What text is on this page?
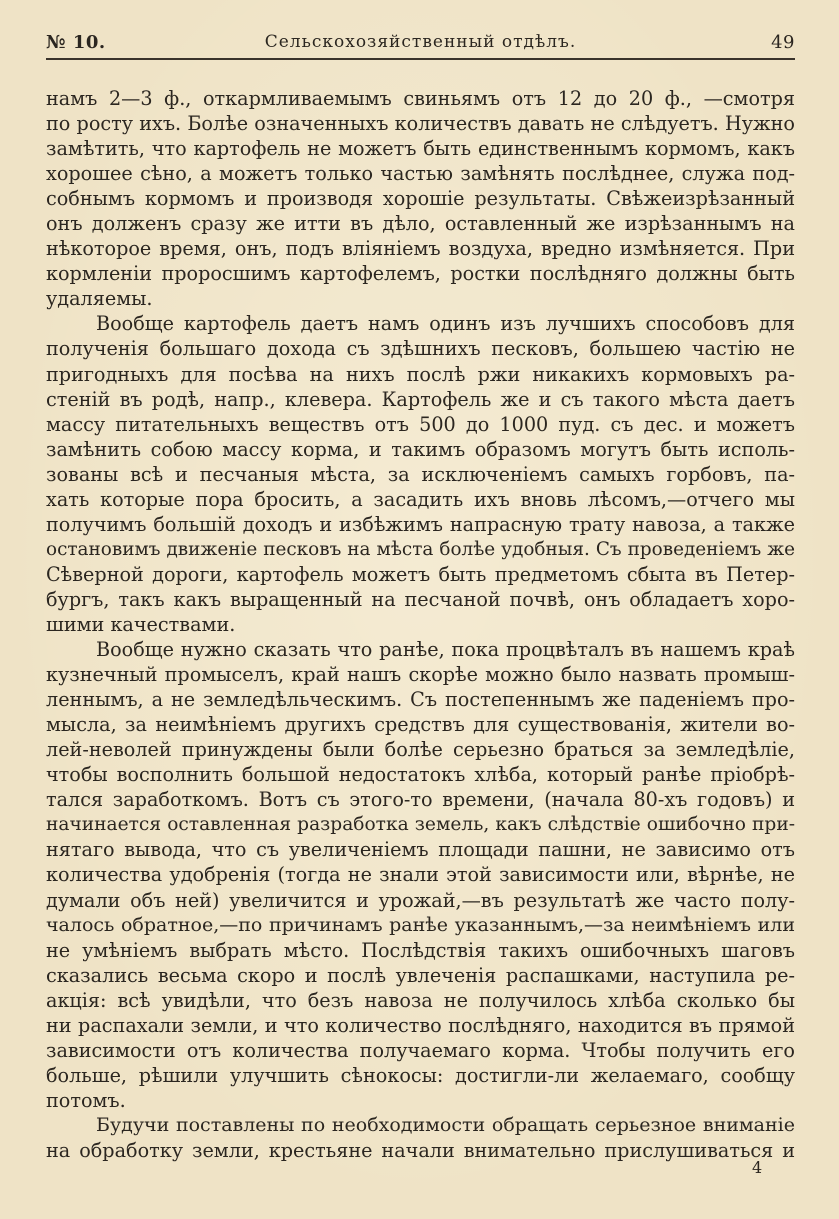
№ 10.	Сельскохозяйственный отдѣлъ.	49
намъ 2—3 ф., откармливаемымъ свиньямъ отъ 12 до 20 ф., —смотря
по росту ихъ. Болѣе означенныхъ количествъ давать не слѣдуетъ. Нужно
замѣтить, что картофель не можетъ быть единственнымъ кормомъ, какъ
хорошее сѣно, а можетъ только частью замѣнять послѣднее, служа под-
собнымъ кормомъ и производя хорошіе результаты. Свѣжеизрѣзанный
онъ долженъ сразу же итти въ дѣло, оставленный же изрѣзаннымъ на
нѣкоторое время, онъ, подъ вліяніемъ воздуха, вредно измѣняется. При
кормленіи проросшимъ картофелемъ, ростки послѣдняго должны быть
удаляемы.
Вообще картофель даетъ намъ одинъ изъ лучшихъ способовъ для
полученія большаго дохода съ здѣшнихъ песковъ, большею частію не
пригодныхъ для посѣва на нихъ послѣ ржи никакихъ кормовыхъ ра-
стеній въ родѣ, напр., клевера. Картофель же и съ такого мѣста даетъ
массу питательныхъ веществъ отъ 500 до 1000 пуд. съ дес. и можетъ
замѣнить собою массу корма, и такимъ образомъ могутъ быть исполь-
зованы всѣ и песчаныя мѣста, за исключеніемъ самыхъ горбовъ, па-
хать которые пора бросить, а засадить ихъ вновь лѣсомъ,—отчего мы
получимъ большій доходъ и избѣжимъ напрасную трату навоза, а также
остановимъ движеніе песковъ на мѣста болѣе удобныя. Съ проведеніемъ же
Сѣверной дороги, картофель можетъ быть предметомъ сбыта въ Петер-
бургъ, такъ какъ выращенный на песчаной почвѣ, онъ обладаетъ хоро-
шими качествами.
Вообще нужно сказать что ранѣе, пока процвѣталъ въ нашемъ краѣ
кузнечный промыселъ, край нашъ скорѣе можно было назвать промыш-
леннымъ, а не земледѣльческимъ. Съ постепеннымъ же паденіемъ про-
мысла, за неимѣніемъ другихъ средствъ для существованія, жители во-
лей-неволей принуждены были болѣе серьезно браться за земледѣліе,
чтобы восполнить большой недостатокъ хлѣба, который ранѣе пріобрѣ-
тался заработкомъ. Вотъ съ этого-то времени, (начала 80-хъ годовъ) и
начинается оставленная разработка земель, какъ слѣдствіе ошибочно при-
нятаго вывода, что съ увеличеніемъ площади пашни, не зависимо отъ
количества удобренія (тогда не знали этой зависимости или, вѣрнѣе, не
думали объ ней) увеличится и урожай,—въ результатѣ же часто полу-
чалось обратное,—по причинамъ ранѣе указаннымъ,—за неимѣніемъ или
не умѣніемъ выбрать мѣсто. Послѣдствія такихъ ошибочныхъ шаговъ
сказались весьма скоро и послѣ увлеченія распашками, наступила ре-
акція: всѣ увидѣли, что безъ навоза не получилось хлѣба сколько бы
ни распахали земли, и что количество послѣдняго, находится въ прямой
зависимости отъ количества получаемаго корма. Чтобы получить его
больше, рѣшили улучшить сѣнокосы: достигли-ли желаемаго, сообщу
потомъ.
Будучи поставлены по необходимости обращать серьезное вниманіе
на обработку земли, крестьяне начали внимательно прислушиваться и
4
